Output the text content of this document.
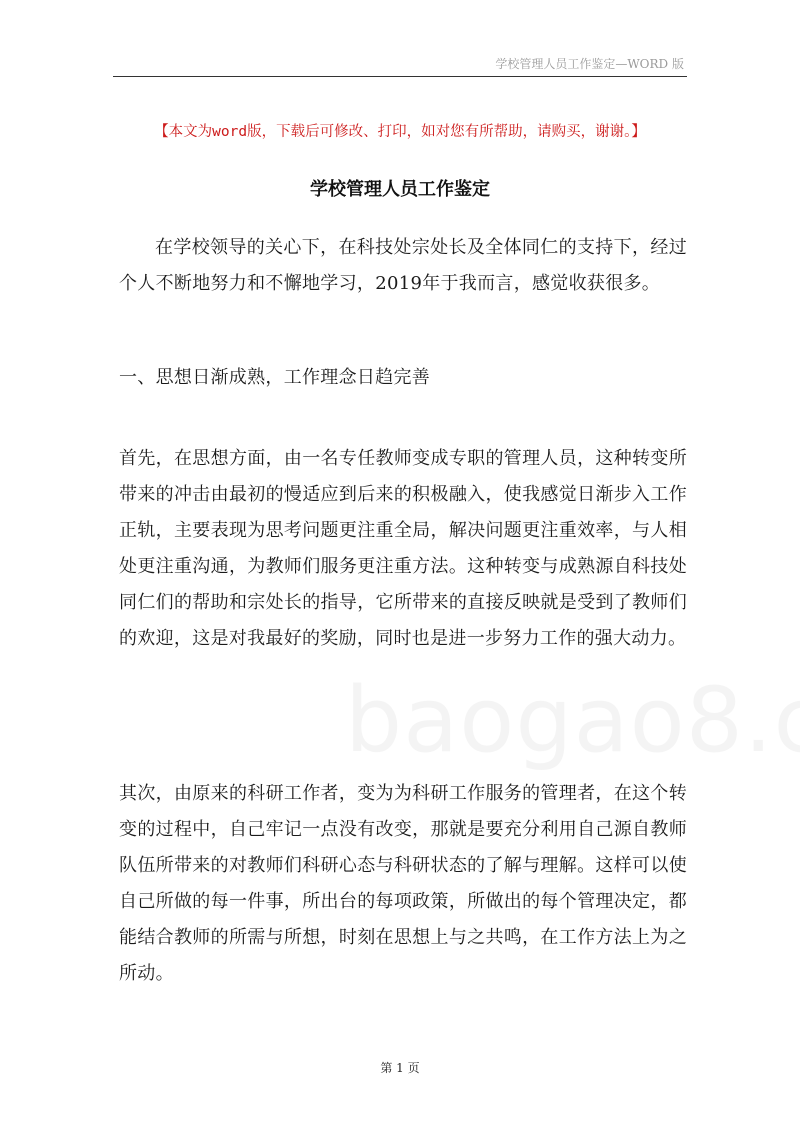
学校管理人员工作鉴定—WORD 版
【本文为word版，下载后可修改、打印，如对您有所帮助，请购买，谢谢。】
学校管理人员工作鉴定
在学校领导的关心下，在科技处宗处长及全体同仁的支持下，经过个人不断地努力和不懈地学习，2019年于我而言，感觉收获很多。
一、思想日渐成熟，工作理念日趋完善
首先，在思想方面，由一名专任教师变成专职的管理人员，这种转变所带来的冲击由最初的慢适应到后来的积极融入，使我感觉日渐步入工作正轨，主要表现为思考问题更注重全局，解决问题更注重效率，与人相处更注重沟通，为教师们服务更注重方法。这种转变与成熟源自科技处同仁们的帮助和宗处长的指导，它所带来的直接反映就是受到了教师们的欢迎，这是对我最好的奖励，同时也是进一步努力工作的强大动力。
其次，由原来的科研工作者，变为为科研工作服务的管理者，在这个转变的过程中，自己牢记一点没有改变，那就是要充分利用自己源自教师队伍所带来的对教师们科研心态与科研状态的了解与理解。这样可以使自己所做的每一件事，所出台的每项政策，所做出的每个管理决定，都能结合教师的所需与所想，时刻在思想上与之共鸣，在工作方法上为之所动。
第 1 页
